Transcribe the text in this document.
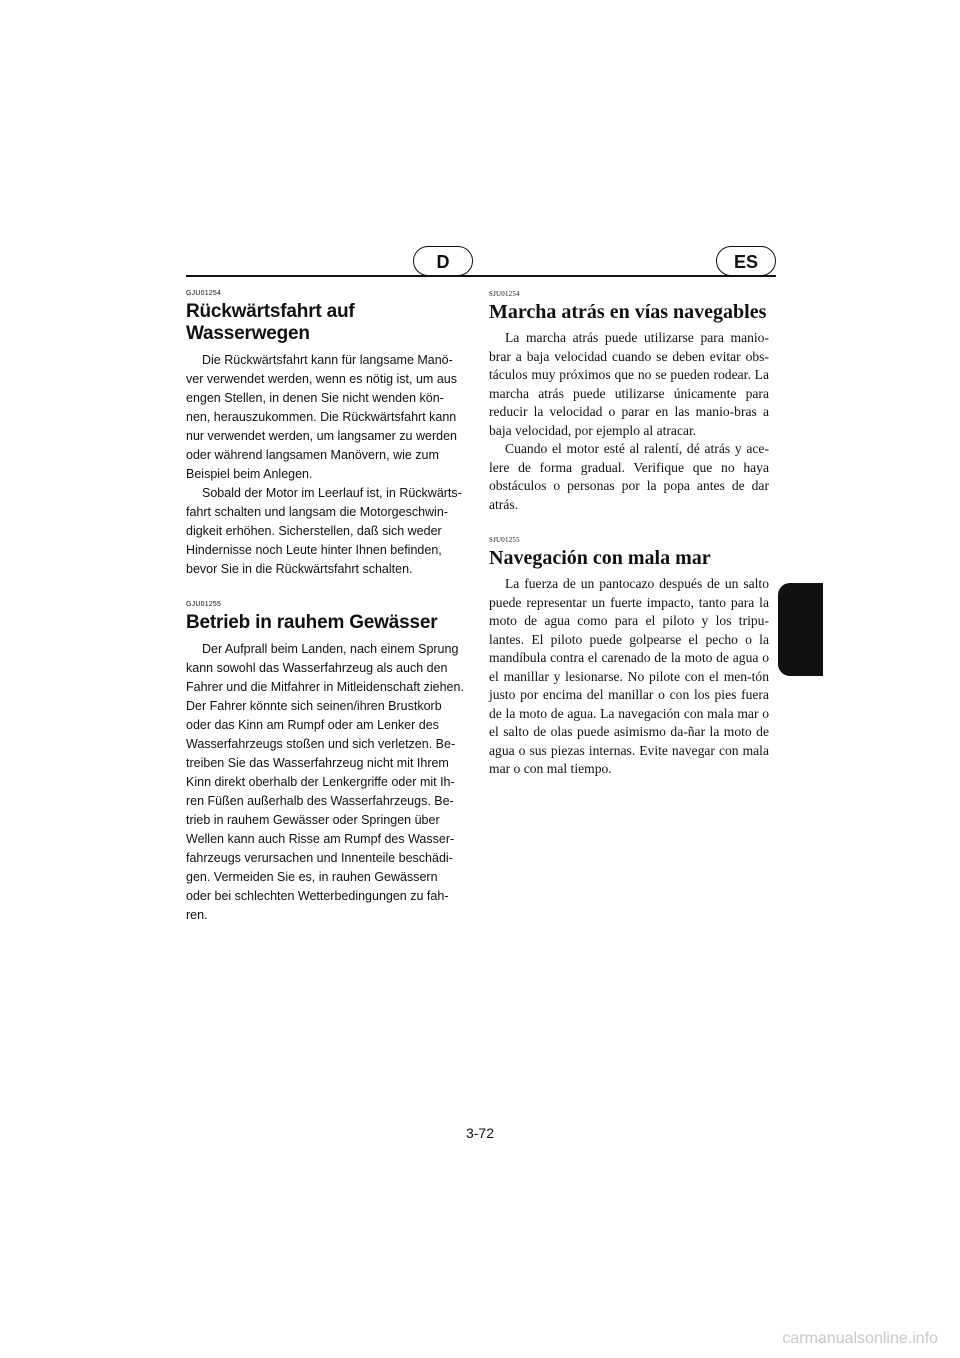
D	ES

GJU01254

Rückwärtsfahrt auf Wasserwegen

Die Rückwärtsfahrt kann für langsame Manö-ver verwendet werden, wenn es nötig ist, um aus engen Stellen, in denen Sie nicht wenden kön-nen, herauszukommen. Die Rückwärtsfahrt kann nur verwendet werden, um langsamer zu werden oder während langsamen Manövern, wie zum Beispiel beim Anlegen.

Sobald der Motor im Leerlauf ist, in Rückwärts-fahrt schalten und langsam die Motorgeschwin-digkeit erhöhen. Sicherstellen, daß sich weder Hindernisse noch Leute hinter Ihnen befinden, bevor Sie in die Rückwärtsfahrt schalten.

GJU01255

Betrieb in rauhem Gewässer

Der Aufprall beim Landen, nach einem Sprung kann sowohl das Wasserfahrzeug als auch den Fahrer und die Mitfahrer in Mitleidenschaft ziehen. Der Fahrer könnte sich seinen/ihren Brustkorb oder das Kinn am Rumpf oder am Lenker des Wasserfahrzeugs stoßen und sich verletzen. Be-treiben Sie das Wasserfahrzeug nicht mit Ihrem Kinn direkt oberhalb der Lenkergriffe oder mit Ih-ren Füßen außerhalb des Wasserfahrzeugs. Be-trieb in rauhem Gewässer oder Springen über Wellen kann auch Risse am Rumpf des Wasser-fahrzeugs verursachen und Innenteile beschädi-gen. Vermeiden Sie es, in rauhen Gewässern oder bei schlechten Wetterbedingungen zu fah-ren.

SJU01254

Marcha atrás en vías navegables

La marcha atrás puede utilizarse para manio-brar a baja velocidad cuando se deben evitar obs-táculos muy próximos que no se pueden rodear. La marcha atrás puede utilizarse únicamente para reducir la velocidad o parar en las manio-bras a baja velocidad, por ejemplo al atracar.

Cuando el motor esté al ralentí, dé atrás y ace-lere de forma gradual. Verifique que no haya obstáculos o personas por la popa antes de dar atrás.

SJU01255

Navegación con mala mar

La fuerza de un pantocazo después de un salto puede representar un fuerte impacto, tanto para la moto de agua como para el piloto y los tripu-lantes. El piloto puede golpearse el pecho o la mandíbula contra el carenado de la moto de agua o el manillar y lesionarse. No pilote con el men-tón justo por encima del manillar o con los pies fuera de la moto de agua. La navegación con mala mar o el salto de olas puede asimismo da-ñar la moto de agua o sus piezas internas. Evite navegar con mala mar o con mal tiempo.

3-72
carmanualsonline.info
